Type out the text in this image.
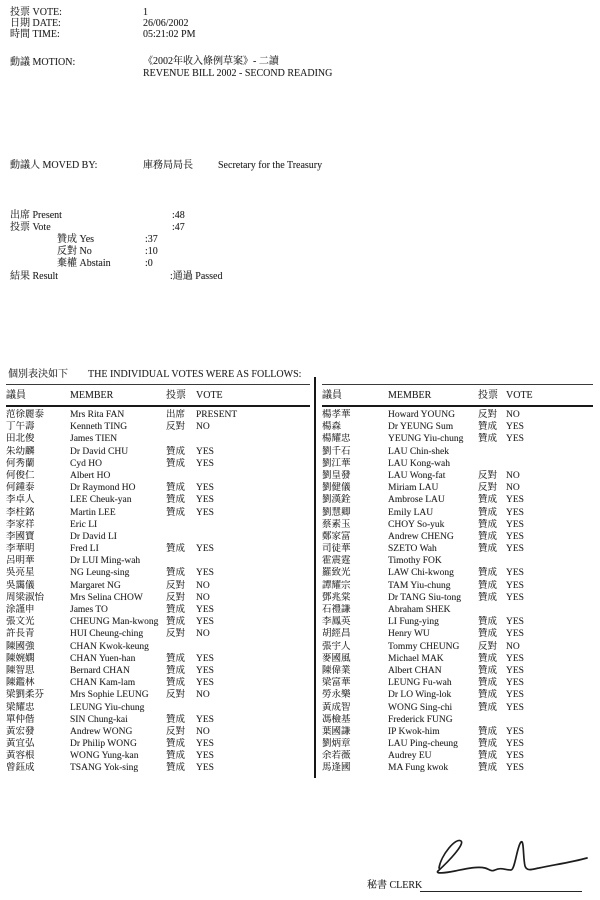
投票 VOTE:	1
日期 DATE:	26/06/2002
時間 TIME:	05:21:02 PM
動議 MOTION:	《2002年收入條例草案》- 二讀
REVENUE BILL 2002 - SECOND READING
動議人 MOVED BY:	庫務局局長	Secretary for the Treasury
出席 Present	:48
投票 Vote	:47
贊成 Yes	:37
反對 No	:10
棄權 Abstain	:0
結果 Result	:通過 Passed
個別表決如下 THE INDIVIDUAL VOTES WERE AS FOLLOWS:
議員	MEMBER	投票	VOTE
范徐麗泰	Mrs Rita FAN	出席	PRESENT
丁午壽	Kenneth TING	反對	NO
田北俊	James TIEN
朱幼麟	Dr David CHU	贊成	YES
何秀蘭	Cyd HO	贊成	YES
何俊仁	Albert HO
何鍾泰	Dr Raymond HO	贊成	YES
李卓人	LEE Cheuk-yan	贊成	YES
李柱銘	Martin LEE	贊成	YES
李家祥	Eric LI
李國寶	Dr David LI
李華明	Fred LI	贊成	YES
呂明華	Dr LUI Ming-wah
吳亮星	NG Leung-sing	贊成	YES
吳靄儀	Margaret NG	反對	NO
周梁淑怡	Mrs Selina CHOW	反對	NO
涂謹申	James TO	贊成	YES
張文光	CHEUNG Man-kwong 贊成	YES
許長青	HUI Cheung-ching	反對	NO
陳國強	CHAN Kwok-keung
陳婉嫻	CHAN Yuen-han	贊成	YES
陳智思	Bernard CHAN	贊成	YES
陳鑑林	CHAN Kam-lam	贊成	YES
梁劉柔芬	Mrs Sophie LEUNG	反對	NO
梁耀忠	LEUNG Yiu-chung
單仲偕	SIN Chung-kai	贊成	YES
黃宏發	Andrew WONG	反對	NO
黃宜弘	Dr Philip WONG	贊成	YES
黃容根	WONG Yung-kan	贊成	YES
曾鈺成	TSANG Yok-sing	贊成	YES
議員	MEMBER	投票 VOTE
楊孝華	Howard YOUNG	反對 NO
楊森	Dr YEUNG Sum	贊成 YES
楊耀忠	YEUNG Yiu-chung	贊成 YES
劉千石	LAU Chin-shek
劉江華	LAU Kong-wah
劉皇發	LAU Wong-fat	反對 NO
劉健儀	Miriam LAU	反對 NO
劉漢銓	Ambrose LAU	贊成 YES
劉慧卿	Emily LAU	贊成 YES
蔡素玉	CHOY So-yuk	贊成 YES
鄭家富	Andrew CHENG	贊成 YES
司徒華	SZETO Wah	贊成 YES
霍震霆	Timothy FOK
羅致光	LAW Chi-kwong	贊成 YES
譚耀宗	TAM Yiu-chung	贊成 YES
鄧兆棠	Dr TANG Siu-tong	贊成 YES
石禮謙	Abraham SHEK
李鳳英	LI Fung-ying	贊成 YES
胡經昌	Henry WU	贊成 YES
張宇人	Tommy CHEUNG	反對 NO
麥國風	Michael MAK	贊成 YES
陳偉業	Albert CHAN	贊成 YES
梁富華	LEUNG Fu-wah	贊成 YES
勞永樂	Dr LO Wing-lok	贊成 YES
黃成智	WONG Sing-chi	贊成 YES
馮檢基	Frederick FUNG
葉國謙	IP Kwok-him	贊成 YES
劉炳章	LAU Ping-cheung	贊成 YES
余若薇	Audrey EU	贊成 YES
馬逢國	MA Fung kwok	贊成 YES
秘書 CLERK
